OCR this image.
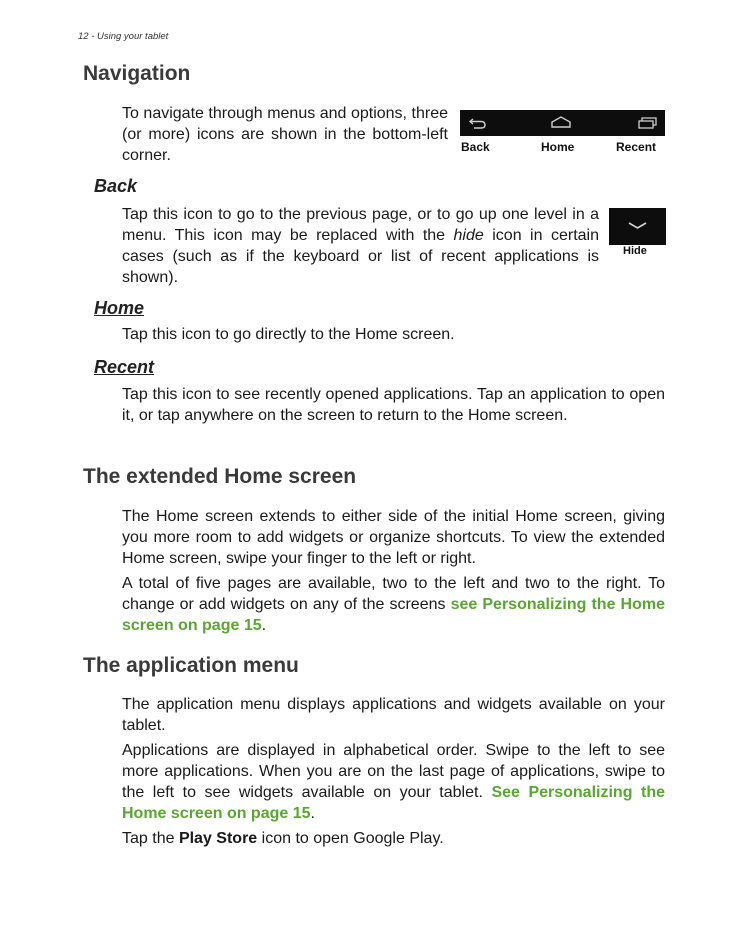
12 - Using your tablet
Navigation

To navigate through menus and options, three (or more) icons are shown in the bottom-left corner.	Back	Home	Recent
Back

Tap this icon to go to the previous page, or to go up one level in a menu. This icon may be replaced with the hide icon in certain cases (such as if the keyboard or list of recent applications is shown).

Hide
Home

Tap this icon to go directly to the Home screen.

Recent

Tap this icon to see recently opened applications. Tap an application to open it, or tap anywhere on the screen to return to the Home screen.

The extended Home screen

The Home screen extends to either side of the initial Home screen, giving you more room to add widgets or organize shortcuts. To view the extended Home screen, swipe your finger to the left or right.

A total of five pages are available, two to the left and two to the right. To change or add widgets on any of the screens see Personalizing the Home screen on page 15.

The application menu

The application menu displays applications and widgets available on your tablet.

Applications are displayed in alphabetical order. Swipe to the left to see more applications. When you are on the last page of applications, swipe to the left to see widgets available on your tablet. See Personalizing the Home screen on page 15.

Tap the Play Store icon to open Google Play.
